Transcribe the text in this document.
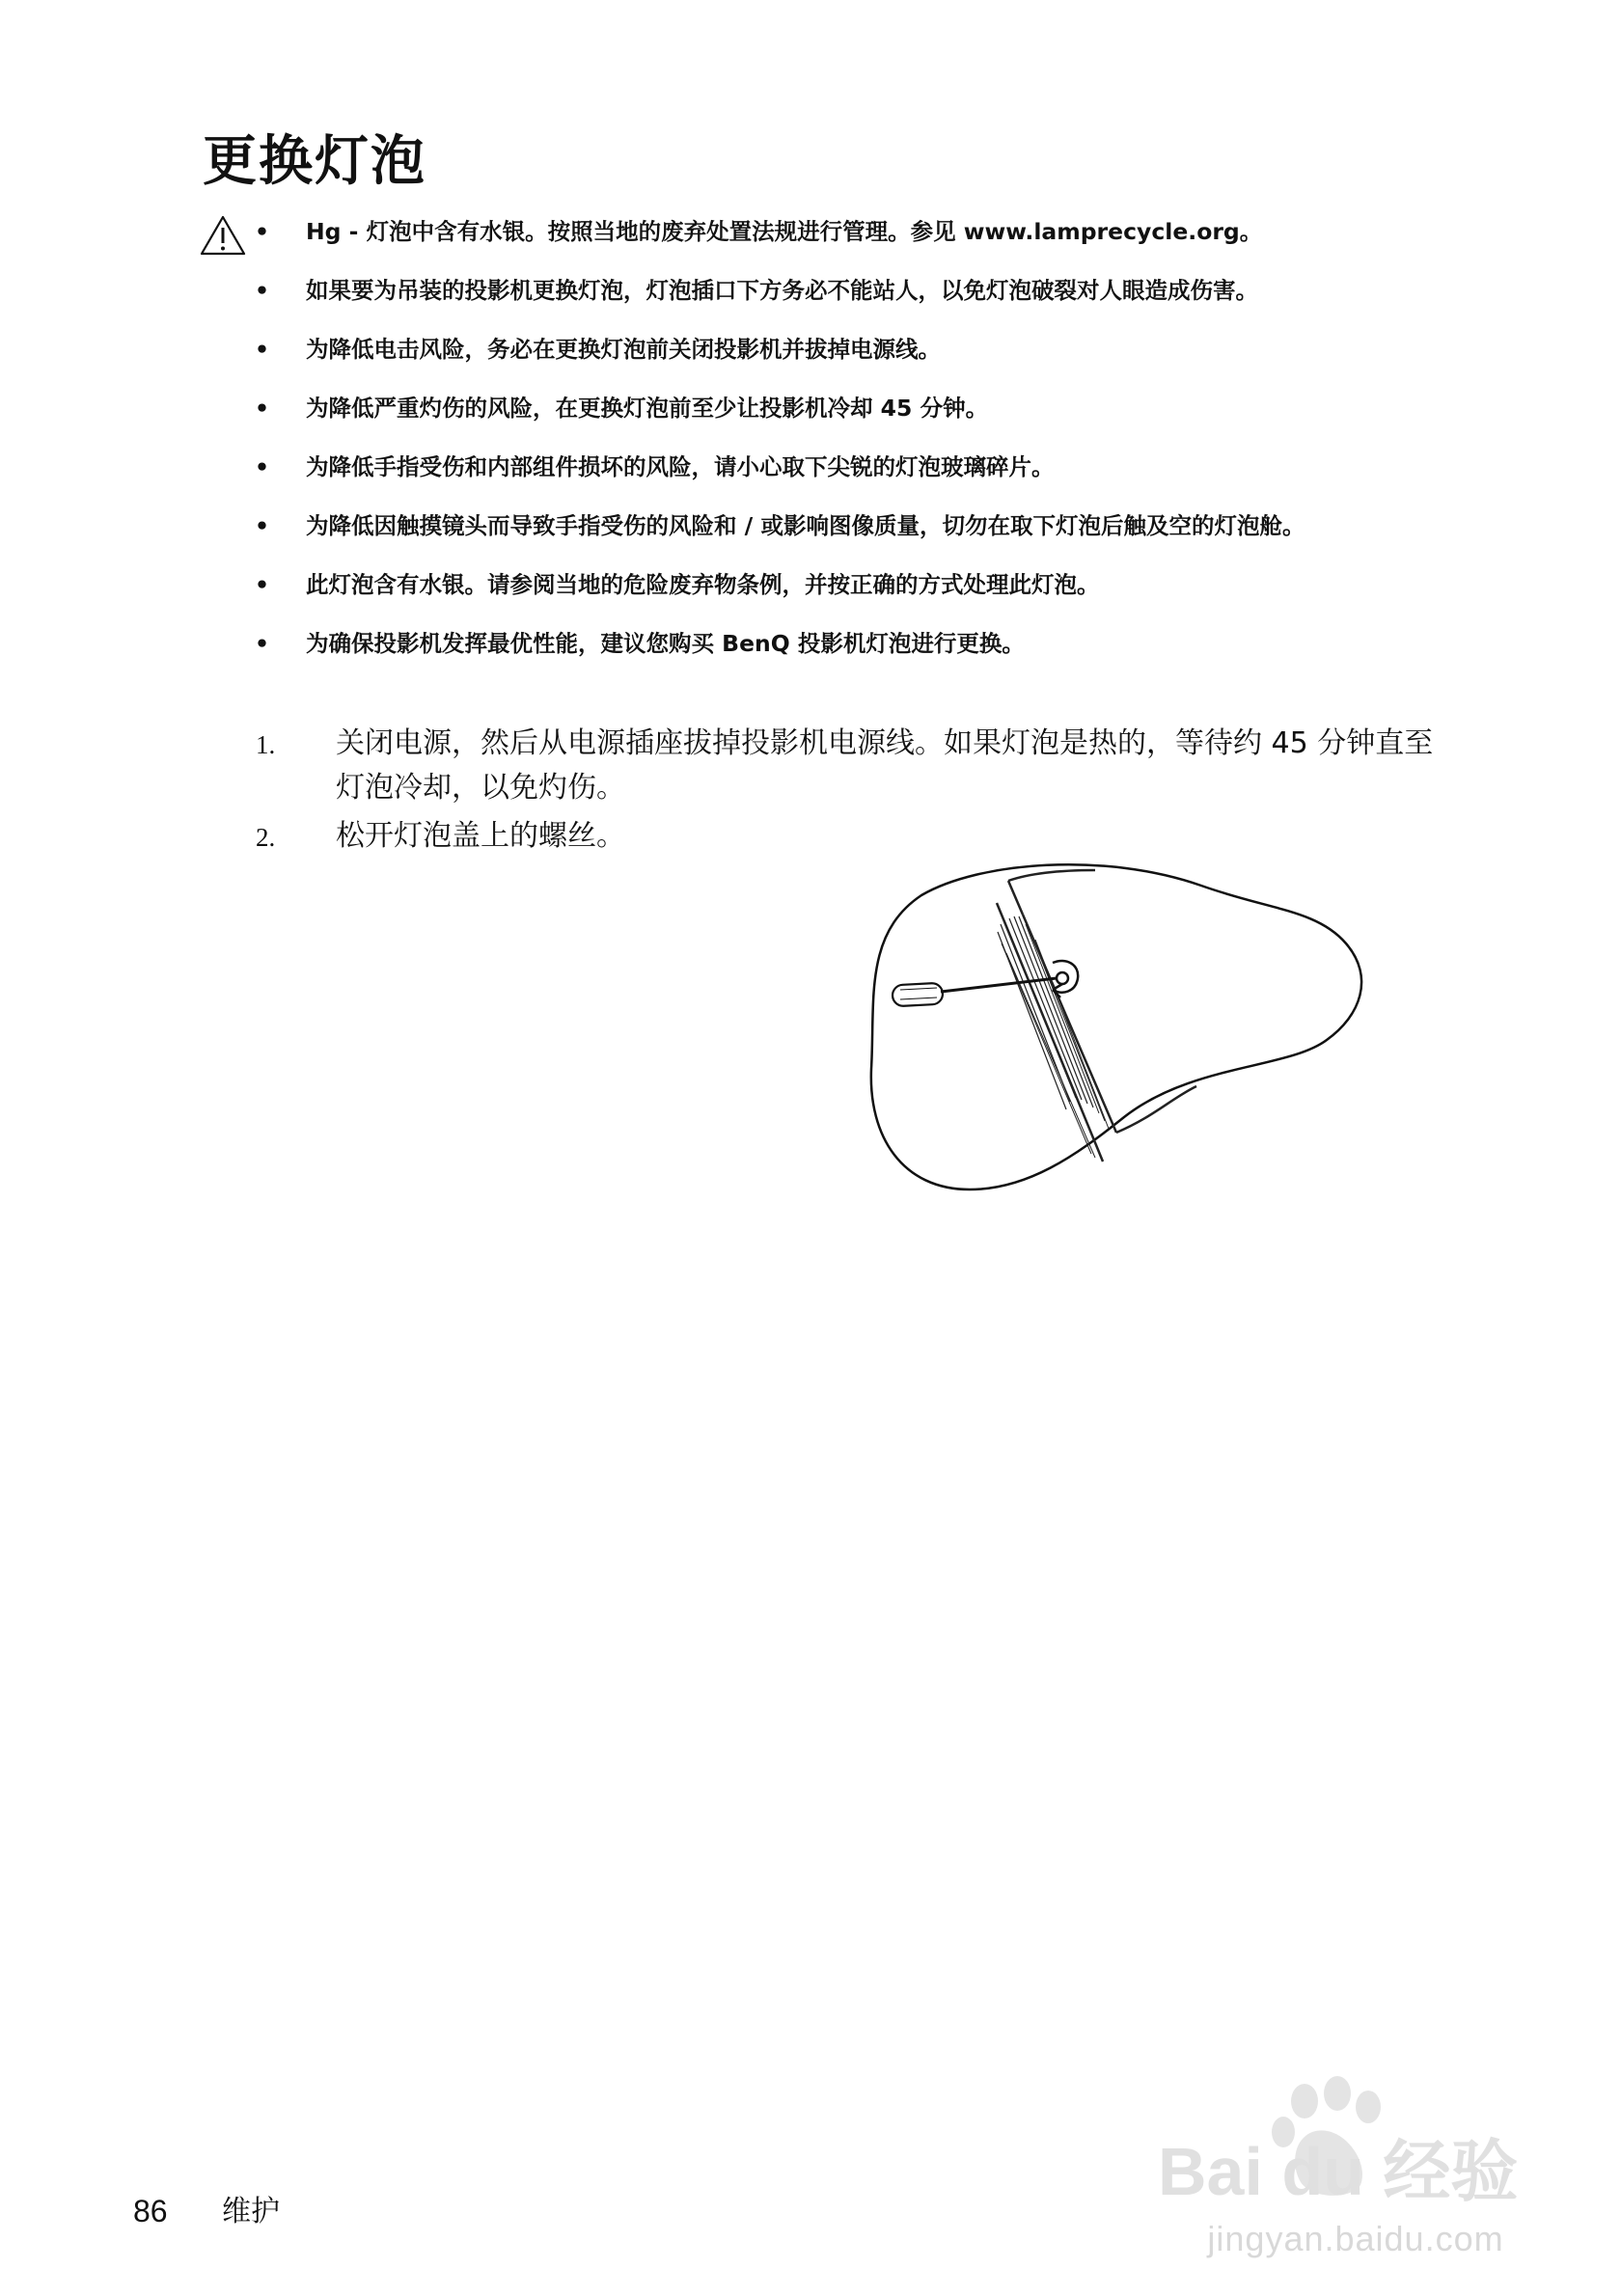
更换灯泡
• Hg - 灯泡中含有水银。按照当地的废弃处置法规进行管理。参见 www.lamprecycle.org。
• 如果要为吊装的投影机更换灯泡，灯泡插口下方务必不能站人，以免灯泡破裂对人眼造成伤害。
• 为降低电击风险，务必在更换灯泡前关闭投影机并拔掉电源线。
• 为降低严重灼伤的风险，在更换灯泡前至少让投影机冷却 45 分钟。
• 为降低手指受伤和内部组件损坏的风险，请小心取下尖锐的灯泡玻璃碎片。
• 为降低因触摸镜头而导致手指受伤的风险和 / 或影响图像质量，切勿在取下灯泡后触及空的灯泡舱。
• 此灯泡含有水银。请参阅当地的危险废弃物条例，并按正确的方式处理此灯泡。
• 为确保投影机发挥最优性能，建议您购买 BenQ 投影机灯泡进行更换。
1. 关闭电源，然后从电源插座拔掉投影机电源线。如果灯泡是热的，等待约 45 分钟直至灯泡冷却，以免灼伤。
2. 松开灯泡盖上的螺丝。
86 维护
Bai du 经验
jingyan.baidu.com
